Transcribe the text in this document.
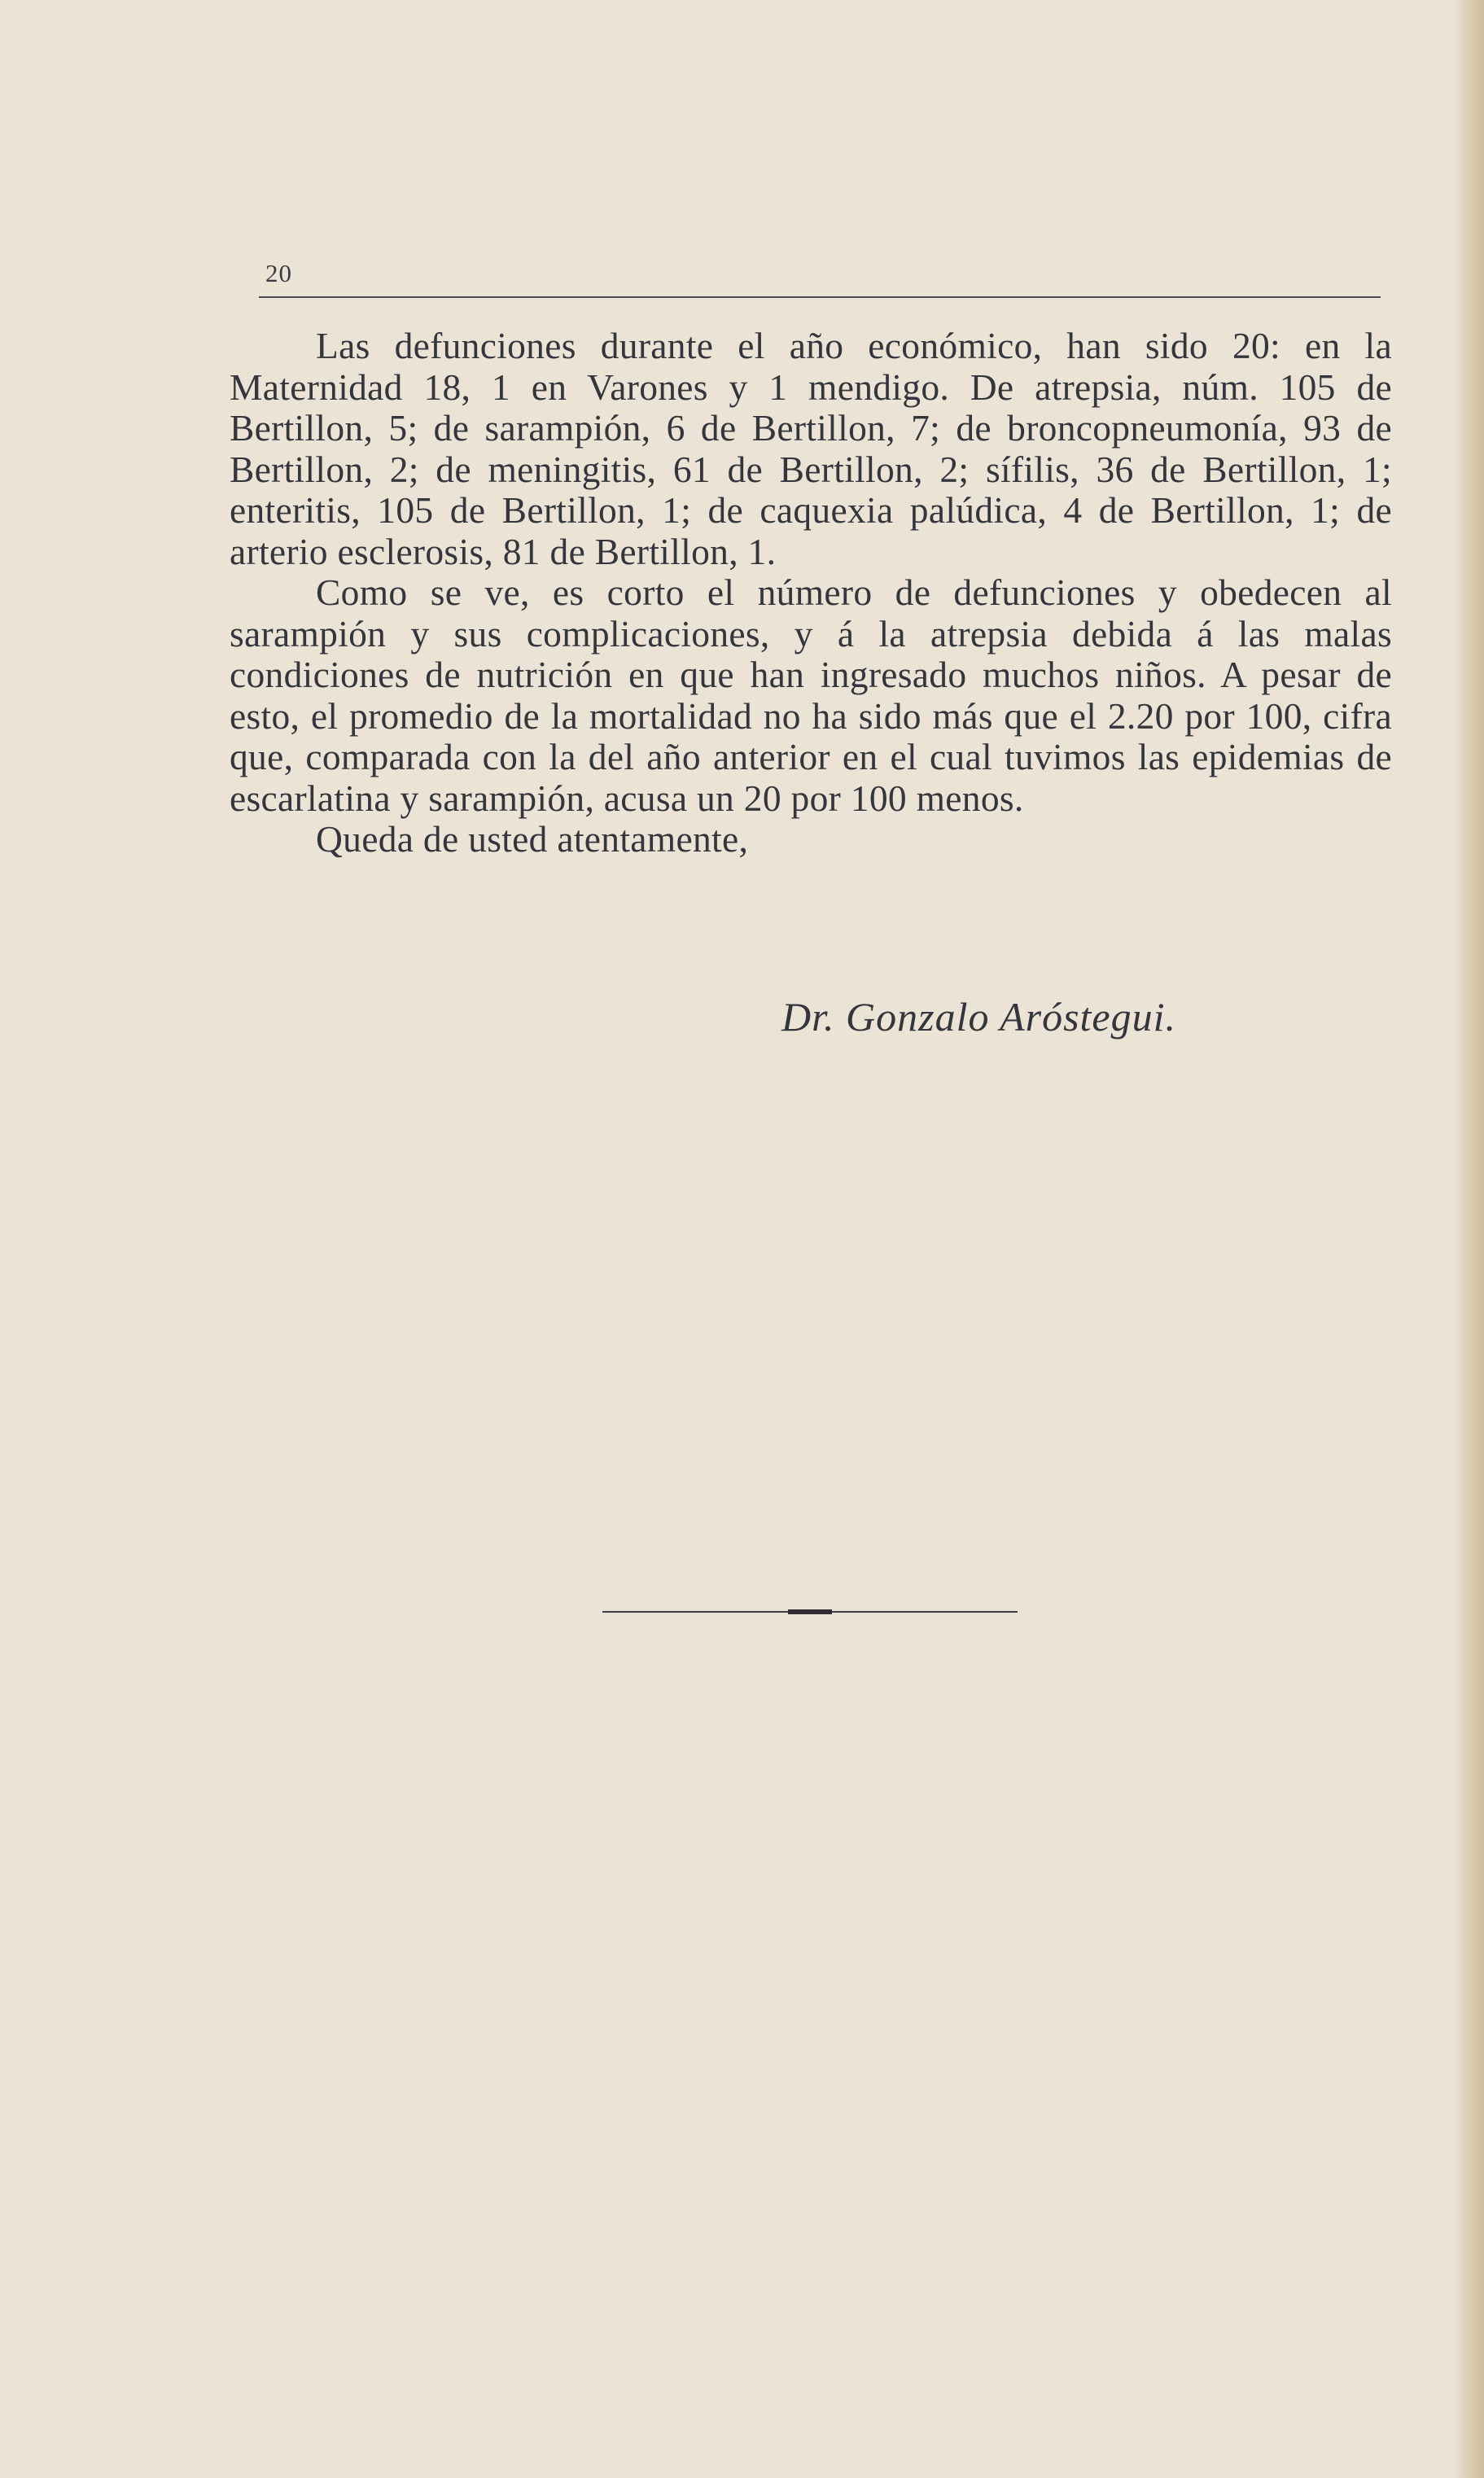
20

Las defunciones durante el año económico, han sido 20: en la Maternidad 18, 1 en Varones y 1 mendigo. De atrepsia, núm. 105 de Bertillon, 5; de sarampión, 6 de Bertillon, 7; de broncopneumonía, 93 de Bertillon, 2; de meningitis, 61 de Bertillon, 2; sífilis, 36 de Bertillon, 1; enteritis, 105 de Bertillon, 1; de caquexia palúdica, 4 de Bertillon, 1; de arterio esclerosis, 81 de Bertillon, 1.

Como se ve, es corto el número de defunciones y obedecen al sarampión y sus complicaciones, y á la atrepsia debida á las malas condiciones de nutrición en que han ingresado muchos niños. A pesar de esto, el promedio de la mortalidad no ha sido más que el 2.20 por 100, cifra que, comparada con la del año anterior en el cual tuvimos las epidemias de escarlatina y sarampión, acusa un 20 por 100 menos.

Queda de usted atentamente,

Dr. Gonzalo Aróstegui.
